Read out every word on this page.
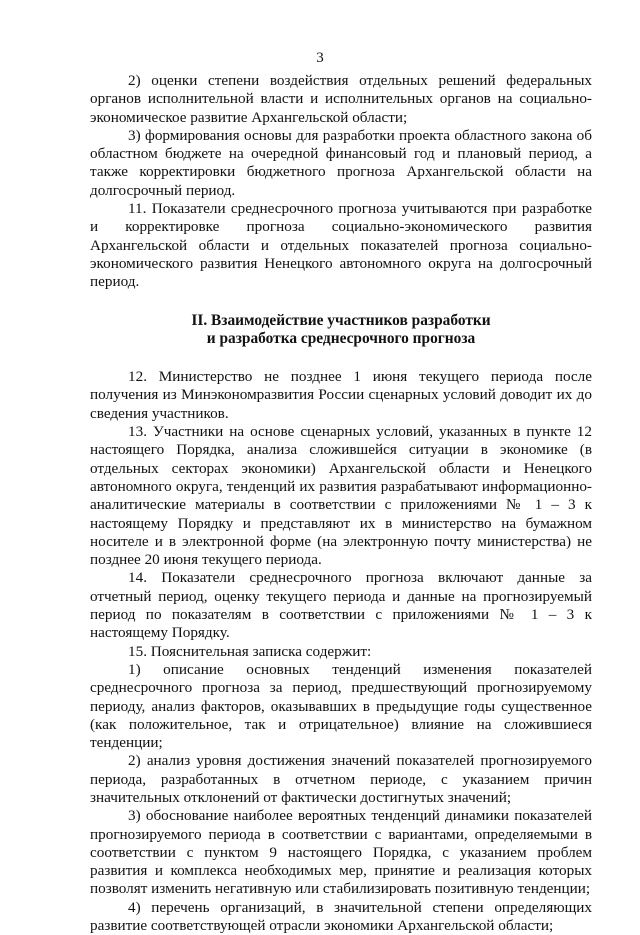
3

2) оценки степени воздействия отдельных решений федеральных органов исполнительной власти и исполнительных органов на социально-экономическое развитие Архангельской области;

3) формирования основы для разработки проекта областного закона об областном бюджете на очередной финансовый год и плановый период, а также корректировки бюджетного прогноза Архангельской области на долгосрочный период.

11. Показатели среднесрочного прогноза учитываются при разработке и корректировке прогноза социально-экономического развития Архангельской области и отдельных показателей прогноза социально-экономического развития Ненецкого автономного округа на долгосрочный период.

II. Взаимодействие участников разработки
и разработка среднесрочного прогноза

12. Министерство не позднее 1 июня текущего периода после получения из Минэкономразвития России сценарных условий доводит их до сведения участников.

13. Участники на основе сценарных условий, указанных в пункте 12 настоящего Порядка, анализа сложившейся ситуации в экономике (в отдельных секторах экономики) Архангельской области и Ненецкого автономного округа, тенденций их развития разрабатывают информационно-аналитические материалы в соответствии с приложениями № 1 – 3 к настоящему Порядку и представляют их в министерство на бумажном носителе и в электронной форме (на электронную почту министерства) не позднее 20 июня текущего периода.

14. Показатели среднесрочного прогноза включают данные за отчетный период, оценку текущего периода и данные на прогнозируемый период по показателям в соответствии с приложениями № 1 – 3 к настоящему Порядку.

15. Пояснительная записка содержит:

1) описание основных тенденций изменения показателей среднесрочного прогноза за период, предшествующий прогнозируемому периоду, анализ факторов, оказывавших в предыдущие годы существенное (как положительное, так и отрицательное) влияние на сложившиеся тенденции;

2) анализ уровня достижения значений показателей прогнозируемого периода, разработанных в отчетном периоде, с указанием причин значительных отклонений от фактически достигнутых значений;

3) обоснование наиболее вероятных тенденций динамики показателей прогнозируемого периода в соответствии с вариантами, определяемыми в соответствии с пунктом 9 настоящего Порядка, с указанием проблем развития и комплекса необходимых мер, принятие и реализация которых позволят изменить негативную или стабилизировать позитивную тенденции;

4) перечень организаций, в значительной степени определяющих развитие соответствующей отрасли экономики Архангельской области;
